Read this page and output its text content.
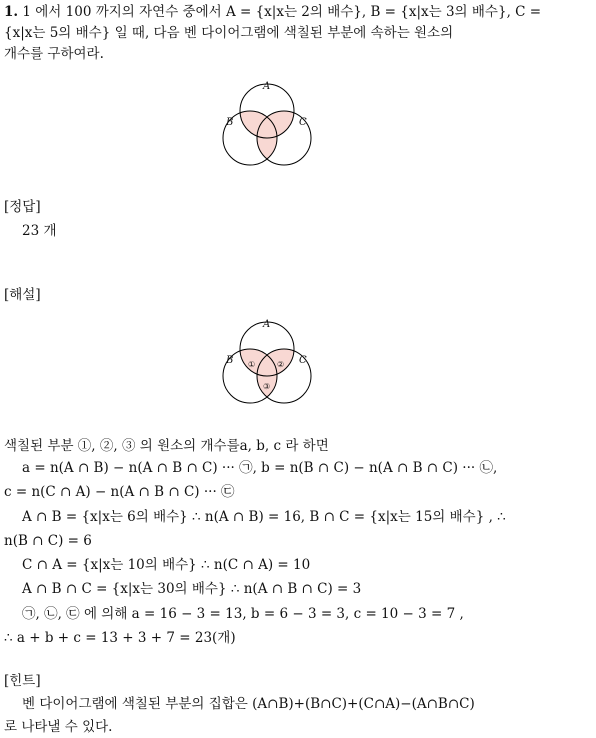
1. 1 에서 100 까지의 자연수 중에서 A = {x|x는 2의 배수}, B = {x|x는 3의 배수}, C =
{x|x는 5의 배수} 일 때, 다음 벤 다이어그램에 색칠된 부분에 속하는 원소의
개수를 구하여라.
A
B	C
[정답]
23 개
[해설]
A
B	C
①	②
③
색칠된 부분 ①, ②, ③ 의 원소의 개수를a, b, c 라 하면
a = n(A ∩ B) − n(A ∩ B ∩ C) ··· ㉠, b = n(B ∩ C) − n(A ∩ B ∩ C) ··· ㉡,
c = n(C ∩ A) − n(A ∩ B ∩ C) ··· ㉢
A ∩ B = {x|x는 6의 배수} ∴ n(A ∩ B) = 16, B ∩ C = {x|x는 15의 배수} , ∴
n(B ∩ C) = 6
C ∩ A = {x|x는 10의 배수} ∴ n(C ∩ A) = 10
A ∩ B ∩ C = {x|x는 30의 배수} ∴ n(A ∩ B ∩ C) = 3
㉠, ㉡, ㉢ 에 의해 a = 16 − 3 = 13, b = 6 − 3 = 3, c = 10 − 3 = 7 ,
∴ a + b + c = 13 + 3 + 7 = 23(개)
[힌트]
벤 다이어그램에 색칠된 부분의 집합은 (A∩B)+(B∩C)+(C∩A)−(A∩B∩C)
로 나타낼 수 있다.
